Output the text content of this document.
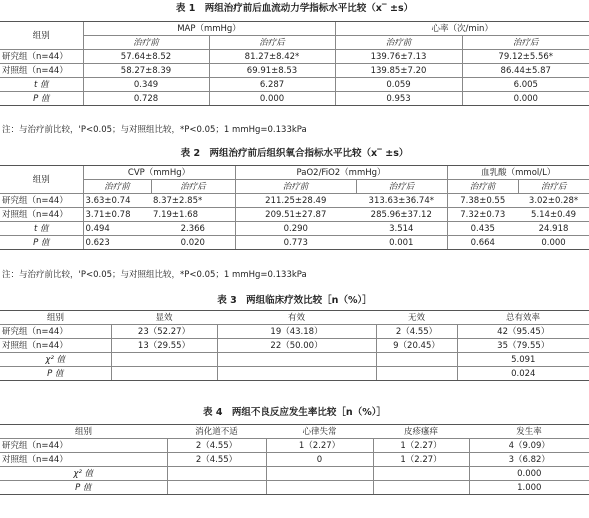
表 1　两组治疗前后血流动力学指标水平比较（x‾ ±s）
组别	MAP（mmHg）		心率（次/min）	
	治疗前	治疗后	治疗前	治疗后
研究组（n=44）	57.64±8.52	81.27±8.42*	139.76±7.13	79.12±5.56*
对照组（n=44）	58.27±8.39	69.91±8.53	139.85±7.20	86.44±5.87
t 值	0.349	6.287	0.059	6.005
P 值	0.728	0.000	0.953	0.000
注：与治疗前比较，'P<0.05；与对照组比较，*P<0.05；1 mmHg=0.133kPa
表 2　两组治疗前后组织氧合指标水平比较（x‾ ±s）
组别	CVP（mmHg）		PaO2/FiO2（mmHg）		血乳酸（mmol/L）	
	治疗前	治疗后	治疗前	治疗后	治疗前	治疗后
研究组（n=44）	3.63±0.74	8.37±2.85*	211.25±28.49	313.63±36.74*	7.38±0.55	3.02±0.28*
对照组（n=44）	3.71±0.78	7.19±1.68	209.51±27.87	285.96±37.12	7.32±0.73	5.14±0.49
t 值	0.494	2.366	0.290	3.514	0.435	24.918
P 值	0.623	0.020	0.773	0.001	0.664	0.000
注：与治疗前比较，'P<0.05；与对照组比较，*P<0.05；1 mmHg=0.133kPa
表 3　两组临床疗效比较［n（%）］
组别	显效	有效	无效	总有效率
研究组（n=44）	23（52.27）	19（43.18）	2（4.55）	42（95.45）
对照组（n=44）	13（29.55）	22（50.00）	9（20.45）	35（79.55）
χ² 值				5.091
P 值				0.024
表 4　两组不良反应发生率比较［n（%）］
组别	消化道不适	心律失常	皮疹瘙痒	发生率
研究组（n=44）	2（4.55）	1（2.27）	1（2.27）	4（9.09）
对照组（n=44）	2（4.55）	0	1（2.27）	3（6.82）
χ² 值				0.000
P 值				1.000
